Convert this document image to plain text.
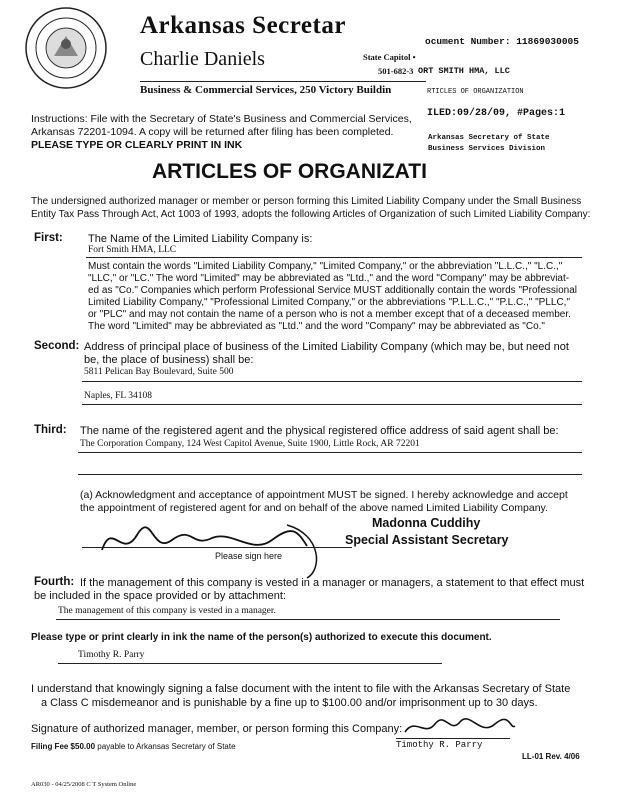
Arkansas Secretar
Charlie Daniels	State Capitol •
501-682-3
Business & Commercial Services, 250 Victory Buildin
ocument Number: 11869030005
ORT SMITH HMA, LLC
RTICLES OF ORGANIZATION
ILED:09/28/09, #Pages:1
Arkansas Secretary of State
Business Services Division
Instructions: File with the Secretary of State's Business and Commercial Services,
Arkansas 72201-1094. A copy will be returned after filing has been completed.
PLEASE TYPE OR CLEARLY PRINT IN INK
ARTICLES OF ORGANIZATI
The undersigned authorized manager or member or person forming this Limited Liability Company under the Small Business
Entity Tax Pass Through Act, Act 1003 of 1993, adopts the following Articles of Organization of such Limited Liability Company:
First: The Name of the Limited Liability Company is:
Fort Smith HMA, LLC
Must contain the words "Limited Liability Company," "Limited Company," or the abbreviation "L.L.C.," "L.C.,"
"LLC," or "LC." The word "Limited" may be abbreviated as "Ltd.," and the word "Company" may be abbreviat-
ed as "Co." Companies which perform Professional Service MUST additionally contain the words "Professional
Limited Liability Company," "Professional Limited Company," or the abbreviations "P.L.L.C.," "P.L.C.," "PLLC,"
or "PLC" and may not contain the name of a person who is not a member except that of a deceased member.
The word "Limited" may be abbreviated as "Ltd." and the word "Company" may be abbreviated as "Co."
Second: Address of principal place of business of the Limited Liability Company (which may be, but need not
be, the place of business) shall be:
5811 Pelican Bay Boulevard, Suite 500
Naples, FL 34108
Third: The name of the registered agent and the physical registered office address of said agent shall be:
The Corporation Company, 124 West Capitol Avenue, Suite 1900, Little Rock, AR 72201
(a) Acknowledgment and acceptance of appointment MUST be signed. I hereby acknowledge and accept
the appointment of registered agent for and on behalf of the above named Limited Liability Company.
Please sign here
Madonna Cuddihy
Special Assistant Secretary
Fourth: If the management of this company is vested in a manager or managers, a statement to that effect must
be included in the space provided or by attachment:
The management of this company is vested in a manager.
Please type or print clearly in ink the name of the person(s) authorized to execute this document.
Timothy R. Parry
I understand that knowingly signing a false document with the intent to file with the Arkansas Secretary of State
a Class C misdemeanor and is punishable by a fine up to $100.00 and/or imprisonment up to 30 days.
Signature of authorized manager, member, or person forming this Company:
Timothy R. Parry
Filing Fee $50.00 payable to Arkansas Secretary of State
LL-01 Rev. 4/06
AR030 - 04/25/2008 C T System Online
